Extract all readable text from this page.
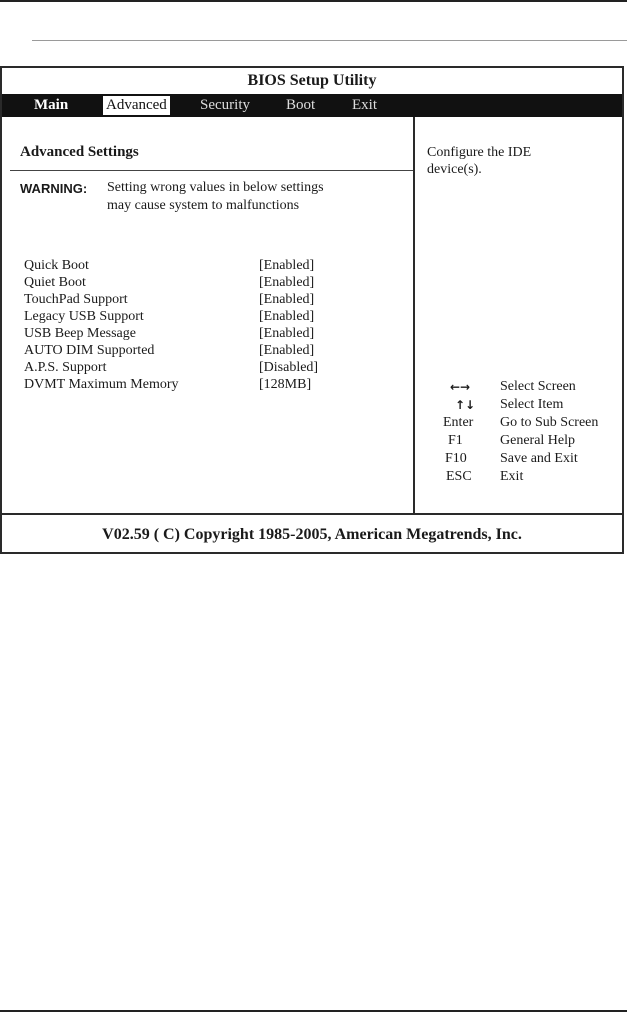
BIOS Setup Utility
Main	Advanced Security Boot Exit
Advanced Settings
WARNING: Setting wrong values in below settings
may cause system to malfunctions
Quick Boot	[Enabled]
Quiet Boot	[Enabled]
TouchPad Support	[Enabled]
Legacy USB Support	[Enabled]
USB Beep Message	[Enabled]
AUTO DIM Supported	[Enabled]
A.P.S. Support	[Disabled]
DVMT Maximum Memory	[128MB]
Configure the IDE
device(s).
←→ Select Screen
↑↓ Select Item
Enter Go to Sub Screen
F1	General Help
F10 Save and Exit
ESC Exit
V02.59 ( C) Copyright 1985-2005, American Megatrends, Inc.
